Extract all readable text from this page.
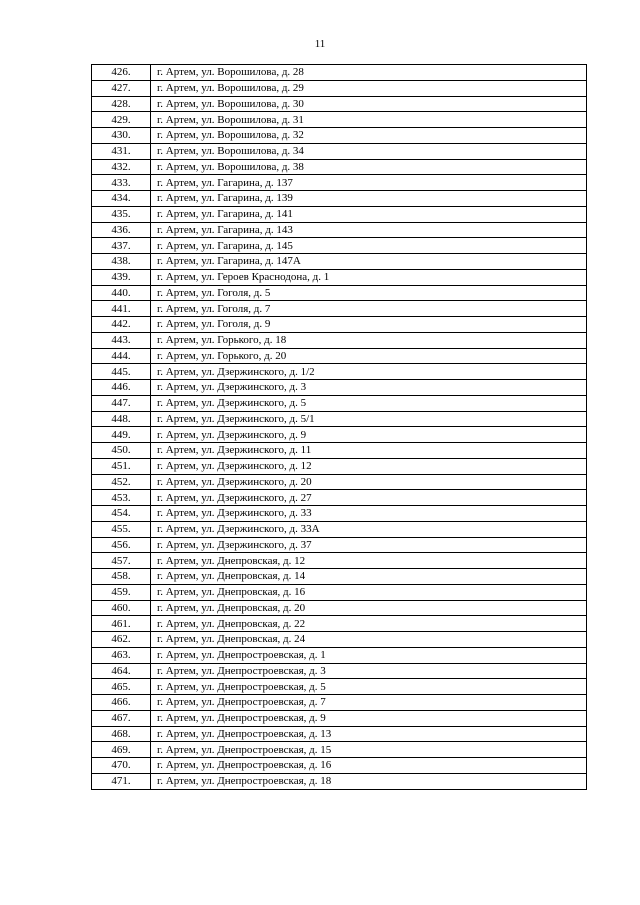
11
426.	г. Артем, ул. Ворошилова, д. 28
427.	г. Артем, ул. Ворошилова, д. 29
428.	г. Артем, ул. Ворошилова, д. 30
429.	г. Артем, ул. Ворошилова, д. 31
430.	г. Артем, ул. Ворошилова, д. 32
431.	г. Артем, ул. Ворошилова, д. 34
432.	г. Артем, ул. Ворошилова, д. 38
433.	г. Артем, ул. Гагарина, д. 137
434.	г. Артем, ул. Гагарина, д. 139
435.	г. Артем, ул. Гагарина, д. 141
436.	г. Артем, ул. Гагарина, д. 143
437.	г. Артем, ул. Гагарина, д. 145
438.	г. Артем, ул. Гагарина, д. 147А
439.	г. Артем, ул. Героев Краснодона, д. 1
440.	г. Артем, ул. Гоголя, д. 5
441.	г. Артем, ул. Гоголя, д. 7
442.	г. Артем, ул. Гоголя, д. 9
443.	г. Артем, ул. Горького, д. 18
444.	г. Артем, ул. Горького, д. 20
445.	г. Артем, ул. Дзержинского, д. 1/2
446.	г. Артем, ул. Дзержинского, д. 3
447.	г. Артем, ул. Дзержинского, д. 5
448.	г. Артем, ул. Дзержинского, д. 5/1
449.	г. Артем, ул. Дзержинского, д. 9
450.	г. Артем, ул. Дзержинского, д. 11
451.	г. Артем, ул. Дзержинского, д. 12
452.	г. Артем, ул. Дзержинского, д. 20
453.	г. Артем, ул. Дзержинского, д. 27
454.	г. Артем, ул. Дзержинского, д. 33
455.	г. Артем, ул. Дзержинского, д. 33А
456.	г. Артем, ул. Дзержинского, д. 37
457.	г. Артем, ул. Днепровская, д. 12
458.	г. Артем, ул. Днепровская, д. 14
459.	г. Артем, ул. Днепровская, д. 16
460.	г. Артем, ул. Днепровская, д. 20
461.	г. Артем, ул. Днепровская, д. 22
462.	г. Артем, ул. Днепровская, д. 24
463.	г. Артем, ул. Днепростроевская, д. 1
464.	г. Артем, ул. Днепростроевская, д. 3
465.	г. Артем, ул. Днепростроевская, д. 5
466.	г. Артем, ул. Днепростроевская, д. 7
467.	г. Артем, ул. Днепростроевская, д. 9
468.	г. Артем, ул. Днепростроевская, д. 13
469.	г. Артем, ул. Днепростроевская, д. 15
470.	г. Артем, ул. Днепростроевская, д. 16
471.	г. Артем, ул. Днепростроевская, д. 18
